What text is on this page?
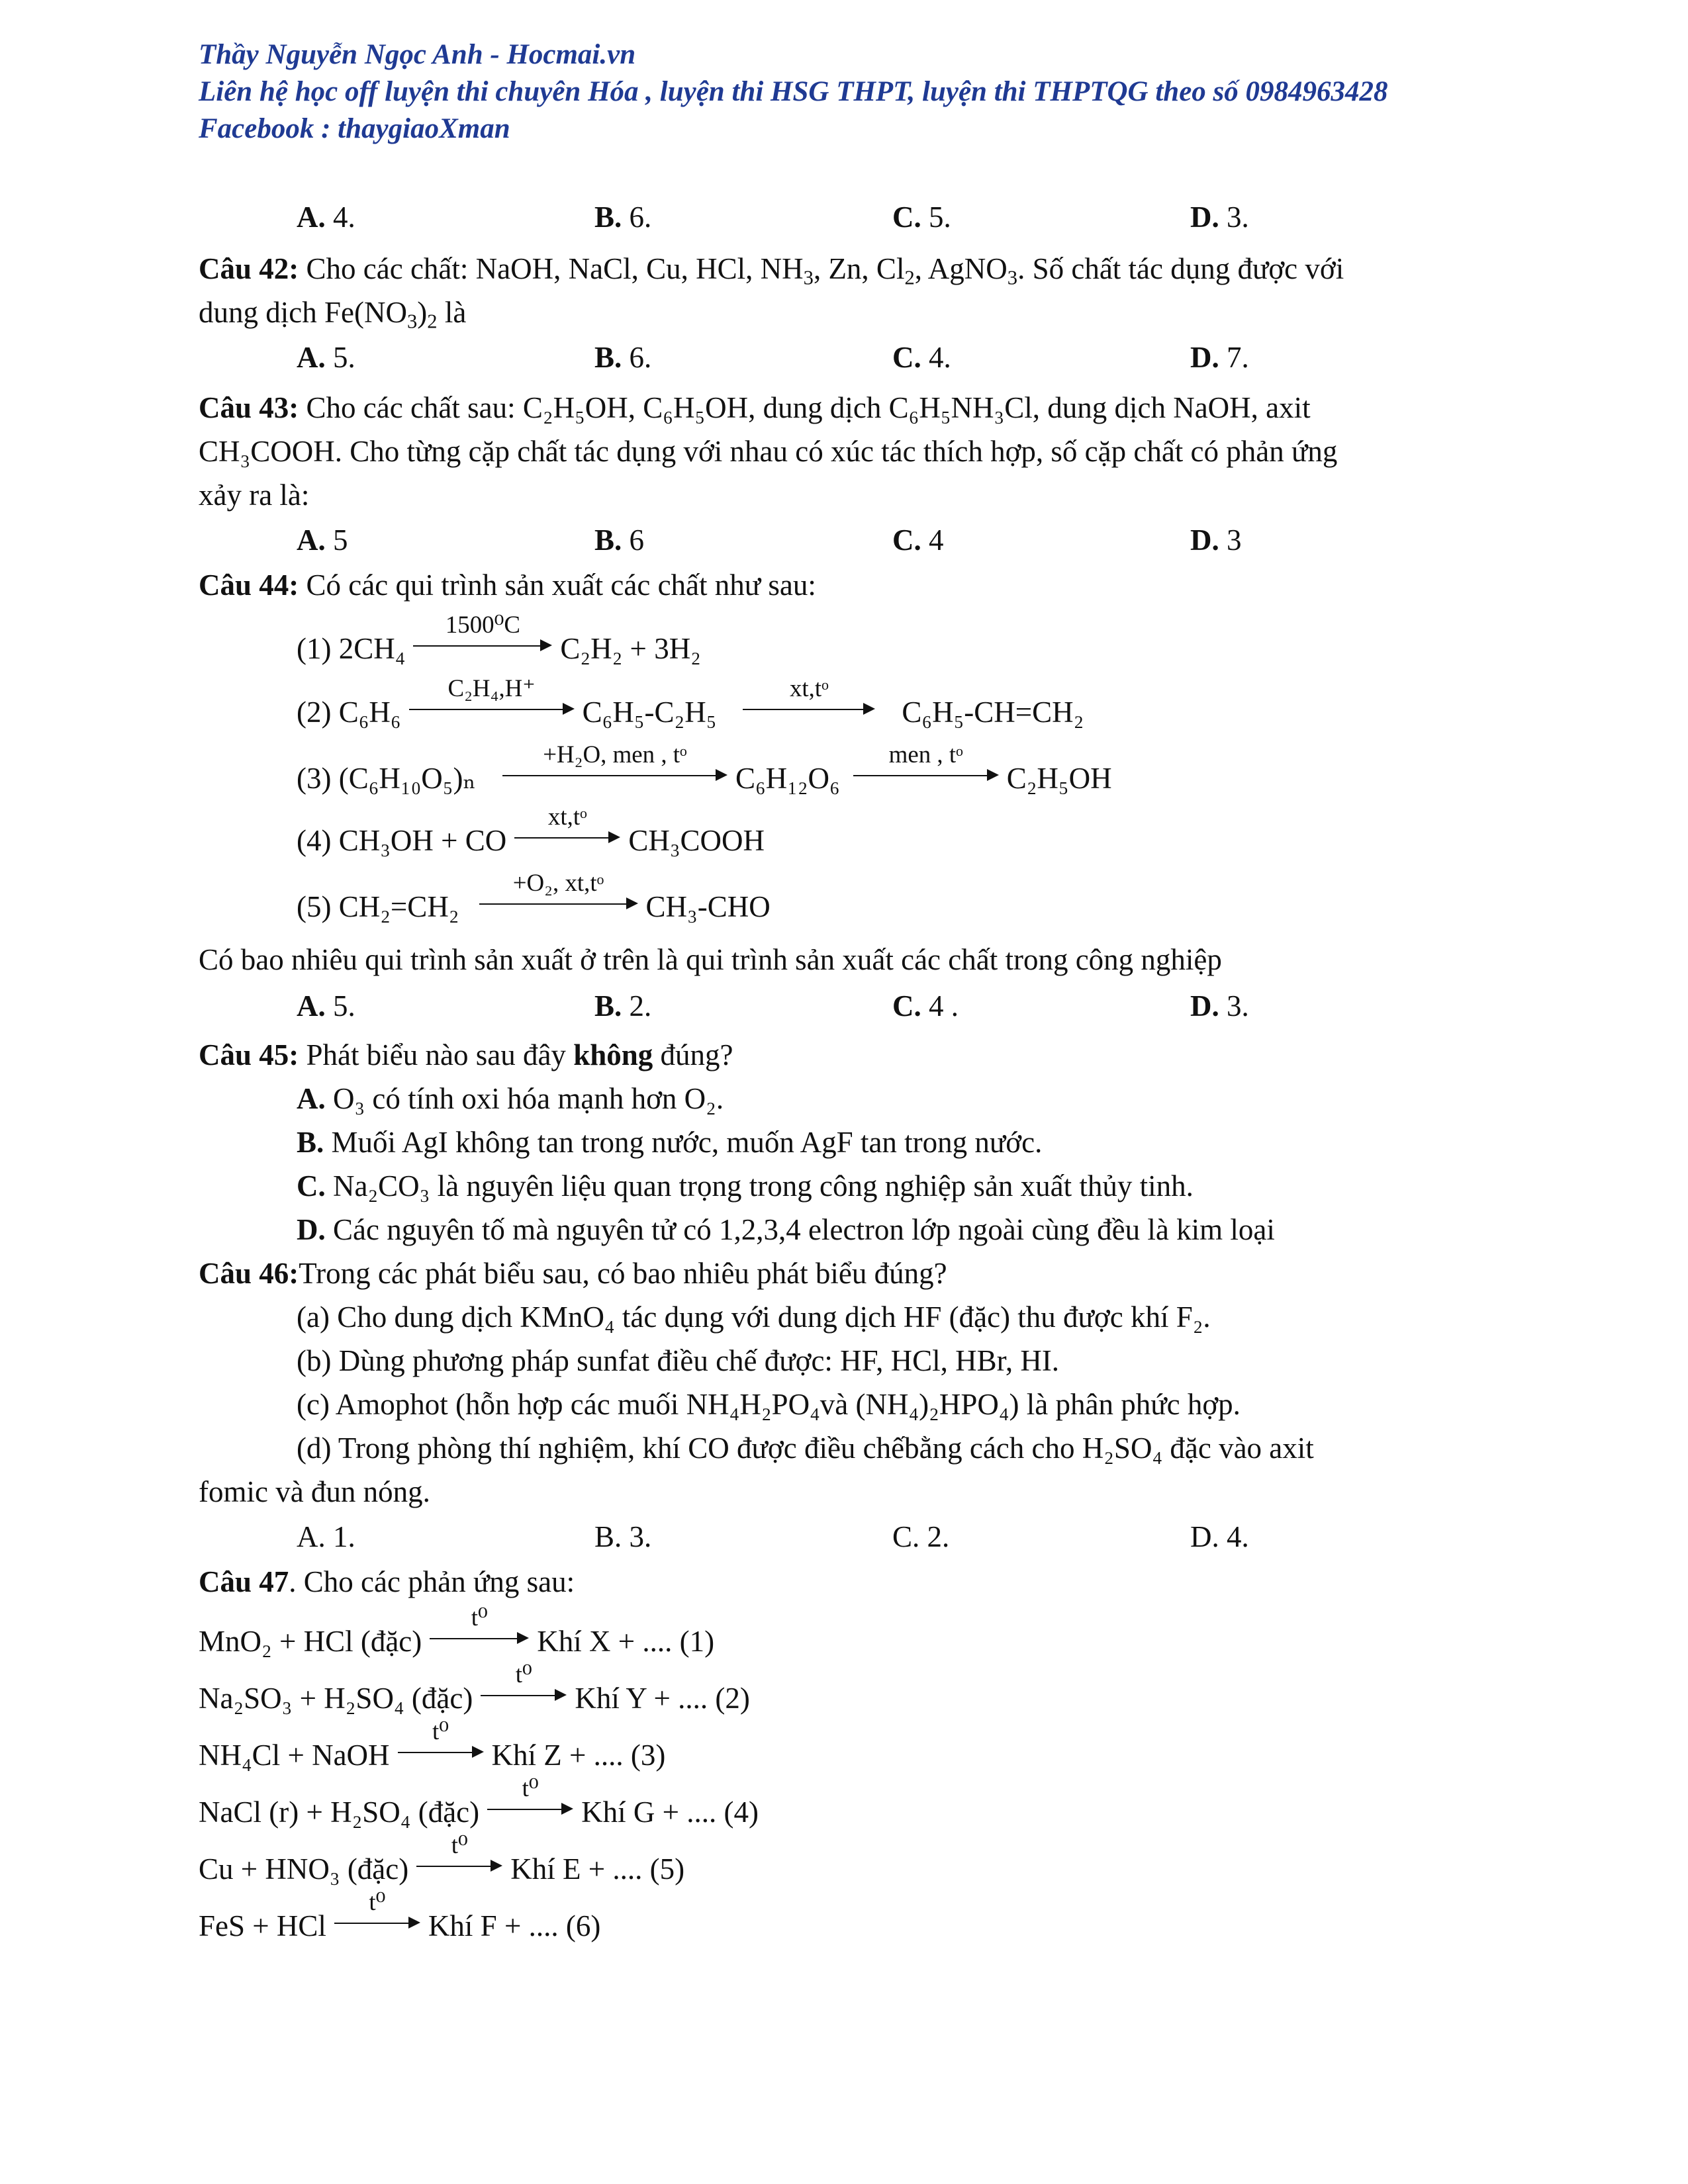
Thầy Nguyễn Ngọc Anh - Hocmai.vn
Liên hệ học off luyện thi chuyên Hóa , luyện thi HSG THPT, luyện thi THPTQG theo số 0984963428
Facebook : thaygiaoXman
A. 4.	B. 6.	C. 5.	D. 3.
Câu 42: Cho các chất: NaOH, NaCl, Cu, HCl, NH3, Zn, Cl2, AgNO3. Số chất tác dụng được với
dung dịch Fe(NO3)2 là
A. 5.	B. 6.	C. 4.	D. 7.
Câu 43: Cho các chất sau: C₂H₅OH, C₆H₅OH, dung dịch C₆H₅NH₃Cl, dung dịch NaOH, axit
CH₃COOH. Cho từng cặp chất tác dụng với nhau có xúc tác thích hợp, số cặp chất có phản ứng
xảy ra là:
A. 5	B. 6	C. 4	D. 3
Câu 44: Có các qui trình sản xuất các chất như sau:
(1) 2CH₄
1500⁰C
C₂H₂ + 3H₂
(2) C₆H₆
C₂H₄,H⁺
C₆H₅-C₂H₅
xt,tᵒ
C₆H₅-CH=CH₂
(3) (C₆H₁₀O₅)ₙ
+H₂O, men , tᵒ
C₆H₁₂O₆
men , tᵒ
C₂H₅OH
(4) CH₃OH + CO
xt,tᵒ
CH₃COOH
(5) CH₂=CH₂
+O₂, xt,tᵒ
CH₃-CHO
Có bao nhiêu qui trình sản xuất ở trên là qui trình sản xuất các chất trong công nghiệp
A. 5.	B. 2.	C. 4 .	D. 3.
Câu 45: Phát biểu nào sau đây không đúng?
A. O₃ có tính oxi hóa mạnh hơn O₂.
B. Muối AgI không tan trong nước, muốn AgF tan trong nước.
C. Na₂CO₃ là nguyên liệu quan trọng trong công nghiệp sản xuất thủy tinh.
D. Các nguyên tố mà nguyên tử có 1,2,3,4 electron lớp ngoài cùng đều là kim loại
Câu 46:Trong các phát biểu sau, có bao nhiêu phát biểu đúng?
(a) Cho dung dịch KMnO₄ tác dụng với dung dịch HF (đặc) thu được khí F₂.
(b) Dùng phương pháp sunfat điều chế được: HF, HCl, HBr, HI.
(c) Amophot (hỗn hợp các muối NH₄H₂PO₄và (NH₄)₂HPO₄) là phân phức hợp.
(d) Trong phòng thí nghiệm, khí CO được điều chếbằng cách cho H₂SO₄ đặc vào axit
fomic và đun nóng.
A. 1.	B. 3.	C. 2.	D. 4.
Câu 47. Cho các phản ứng sau:
MnO₂ + HCl (đặc)
t⁰
Khí X + .... (1)
Na₂SO₃ + H₂SO₄ (đặc)
t⁰
Khí Y + .... (2)
NH₄Cl + NaOH
t⁰
Khí Z + .... (3)
NaCl (r) + H₂SO₄ (đặc)
t⁰
Khí G + .... (4)
Cu + HNO₃ (đặc)
t⁰
Khí E + .... (5)
FeS + HCl
t⁰
Khí F + .... (6)
